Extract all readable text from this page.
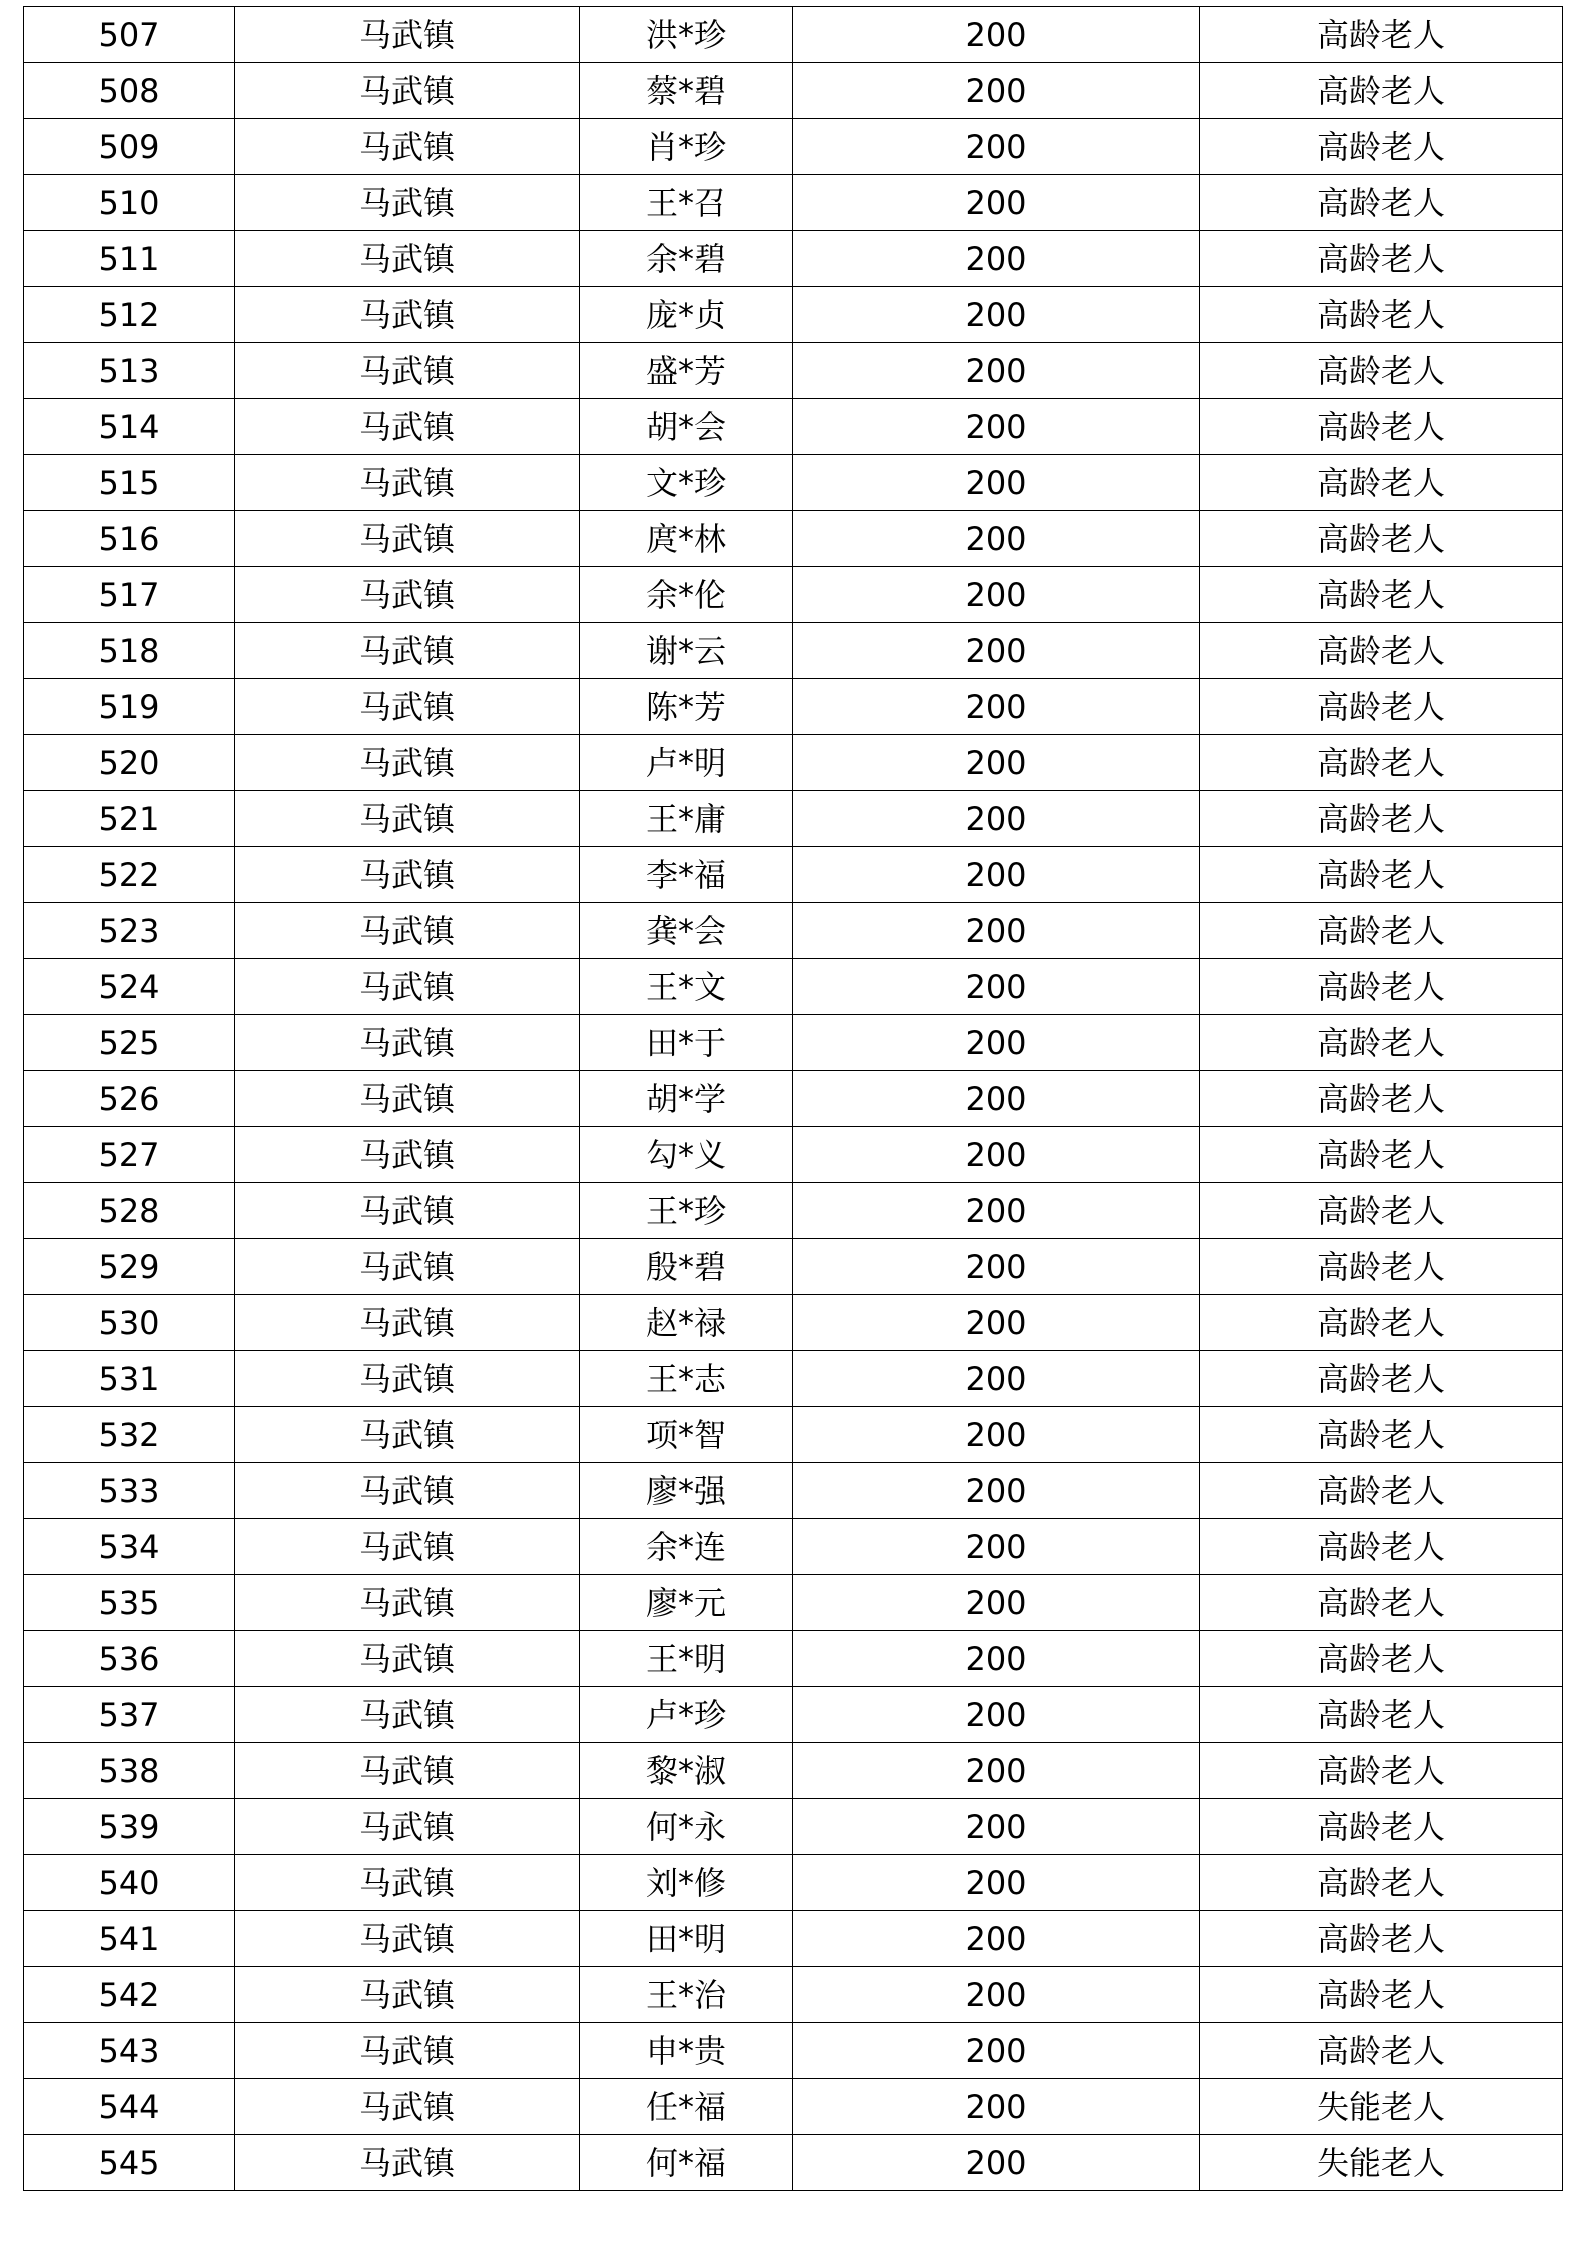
507	马武镇	洪*珍	200	高龄老人
508	马武镇	蔡*碧	200	高龄老人
509	马武镇	肖*珍	200	高龄老人
510	马武镇	王*召	200	高龄老人
511	马武镇	余*碧	200	高龄老人
512	马武镇	庞*贞	200	高龄老人
513	马武镇	盛*芳	200	高龄老人
514	马武镇	胡*会	200	高龄老人
515	马武镇	文*珍	200	高龄老人
516	马武镇	庹*林	200	高龄老人
517	马武镇	余*伦	200	高龄老人
518	马武镇	谢*云	200	高龄老人
519	马武镇	陈*芳	200	高龄老人
520	马武镇	卢*明	200	高龄老人
521	马武镇	王*庸	200	高龄老人
522	马武镇	李*福	200	高龄老人
523	马武镇	龚*会	200	高龄老人
524	马武镇	王*文	200	高龄老人
525	马武镇	田*于	200	高龄老人
526	马武镇	胡*学	200	高龄老人
527	马武镇	勾*义	200	高龄老人
528	马武镇	王*珍	200	高龄老人
529	马武镇	殷*碧	200	高龄老人
530	马武镇	赵*禄	200	高龄老人
531	马武镇	王*志	200	高龄老人
532	马武镇	项*智	200	高龄老人
533	马武镇	廖*强	200	高龄老人
534	马武镇	余*连	200	高龄老人
535	马武镇	廖*元	200	高龄老人
536	马武镇	王*明	200	高龄老人
537	马武镇	卢*珍	200	高龄老人
538	马武镇	黎*淑	200	高龄老人
539	马武镇	何*永	200	高龄老人
540	马武镇	刘*修	200	高龄老人
541	马武镇	田*明	200	高龄老人
542	马武镇	王*治	200	高龄老人
543	马武镇	申*贵	200	高龄老人
544	马武镇	任*福	200	失能老人
545	马武镇	何*福	200	失能老人
